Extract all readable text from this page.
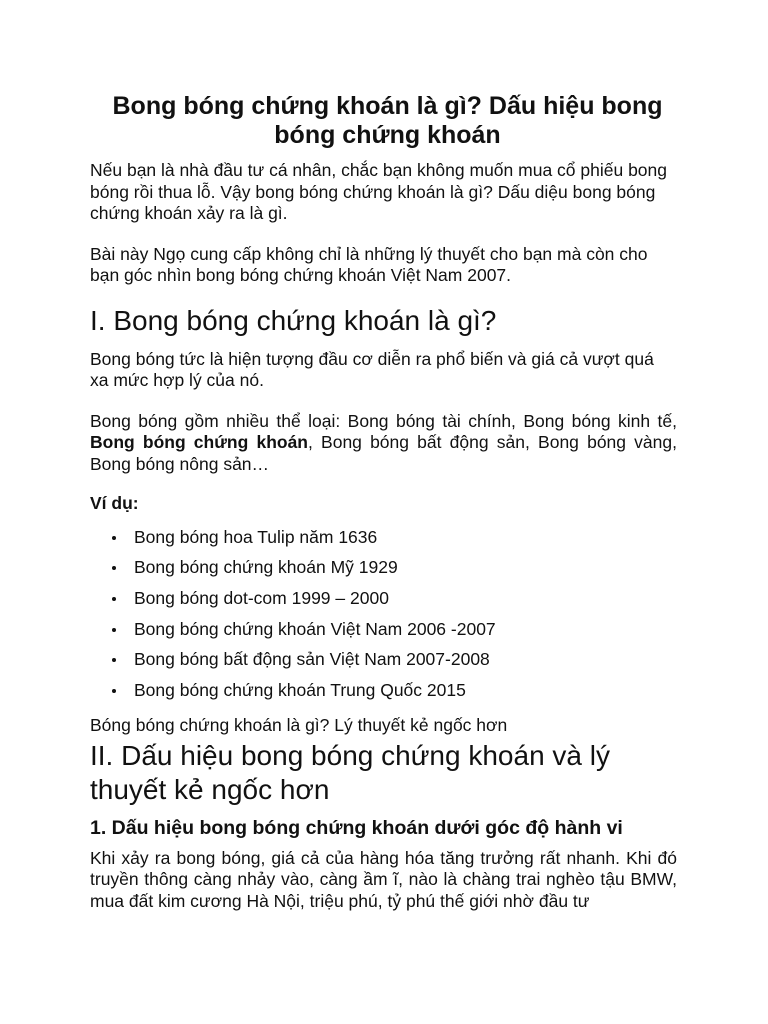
Bong bóng chứng khoán là gì? Dấu hiệu bong bóng chứng khoán

Nếu bạn là nhà đầu tư cá nhân, chắc bạn không muốn mua cổ phiếu bong bóng rồi thua lỗ. Vậy bong bóng chứng khoán là gì? Dấu diệu bong bóng chứng khoán xảy ra là gì.

Bài này Ngọ cung cấp không chỉ là những lý thuyết cho bạn mà còn cho bạn góc nhìn bong bóng chứng khoán Việt Nam 2007.

I. Bong bóng chứng khoán là gì?

Bong bóng tức là hiện tượng đầu cơ diễn ra phổ biến và giá cả vượt quá xa mức hợp lý của nó.

Bong bóng gồm nhiều thể loại: Bong bóng tài chính, Bong bóng kinh tế, Bong bóng chứng khoán, Bong bóng bất động sản, Bong bóng vàng, Bong bóng nông sản…

Ví dụ:

Bong bóng hoa Tulip năm 1636
Bong bóng chứng khoán Mỹ 1929
Bong bóng dot-com 1999 – 2000
Bong bóng chứng khoán Việt Nam 2006 -2007
Bong bóng bất động sản Việt Nam 2007-2008
Bong bóng chứng khoán Trung Quốc 2015

Bóng bóng chứng khoán là gì? Lý thuyết kẻ ngốc hơn

II. Dấu hiệu bong bóng chứng khoán và lý thuyết kẻ ngốc hơn
1. Dấu hiệu bong bóng chứng khoán dưới góc độ hành vi

Khi xảy ra bong bóng, giá cả của hàng hóa tăng trưởng rất nhanh. Khi đó truyền thông càng nhảy vào, càng ầm ĩ, nào là chàng trai nghèo tậu BMW, mua đất kim cương Hà Nội, triệu phú, tỷ phú thế giới nhờ đầu tư
